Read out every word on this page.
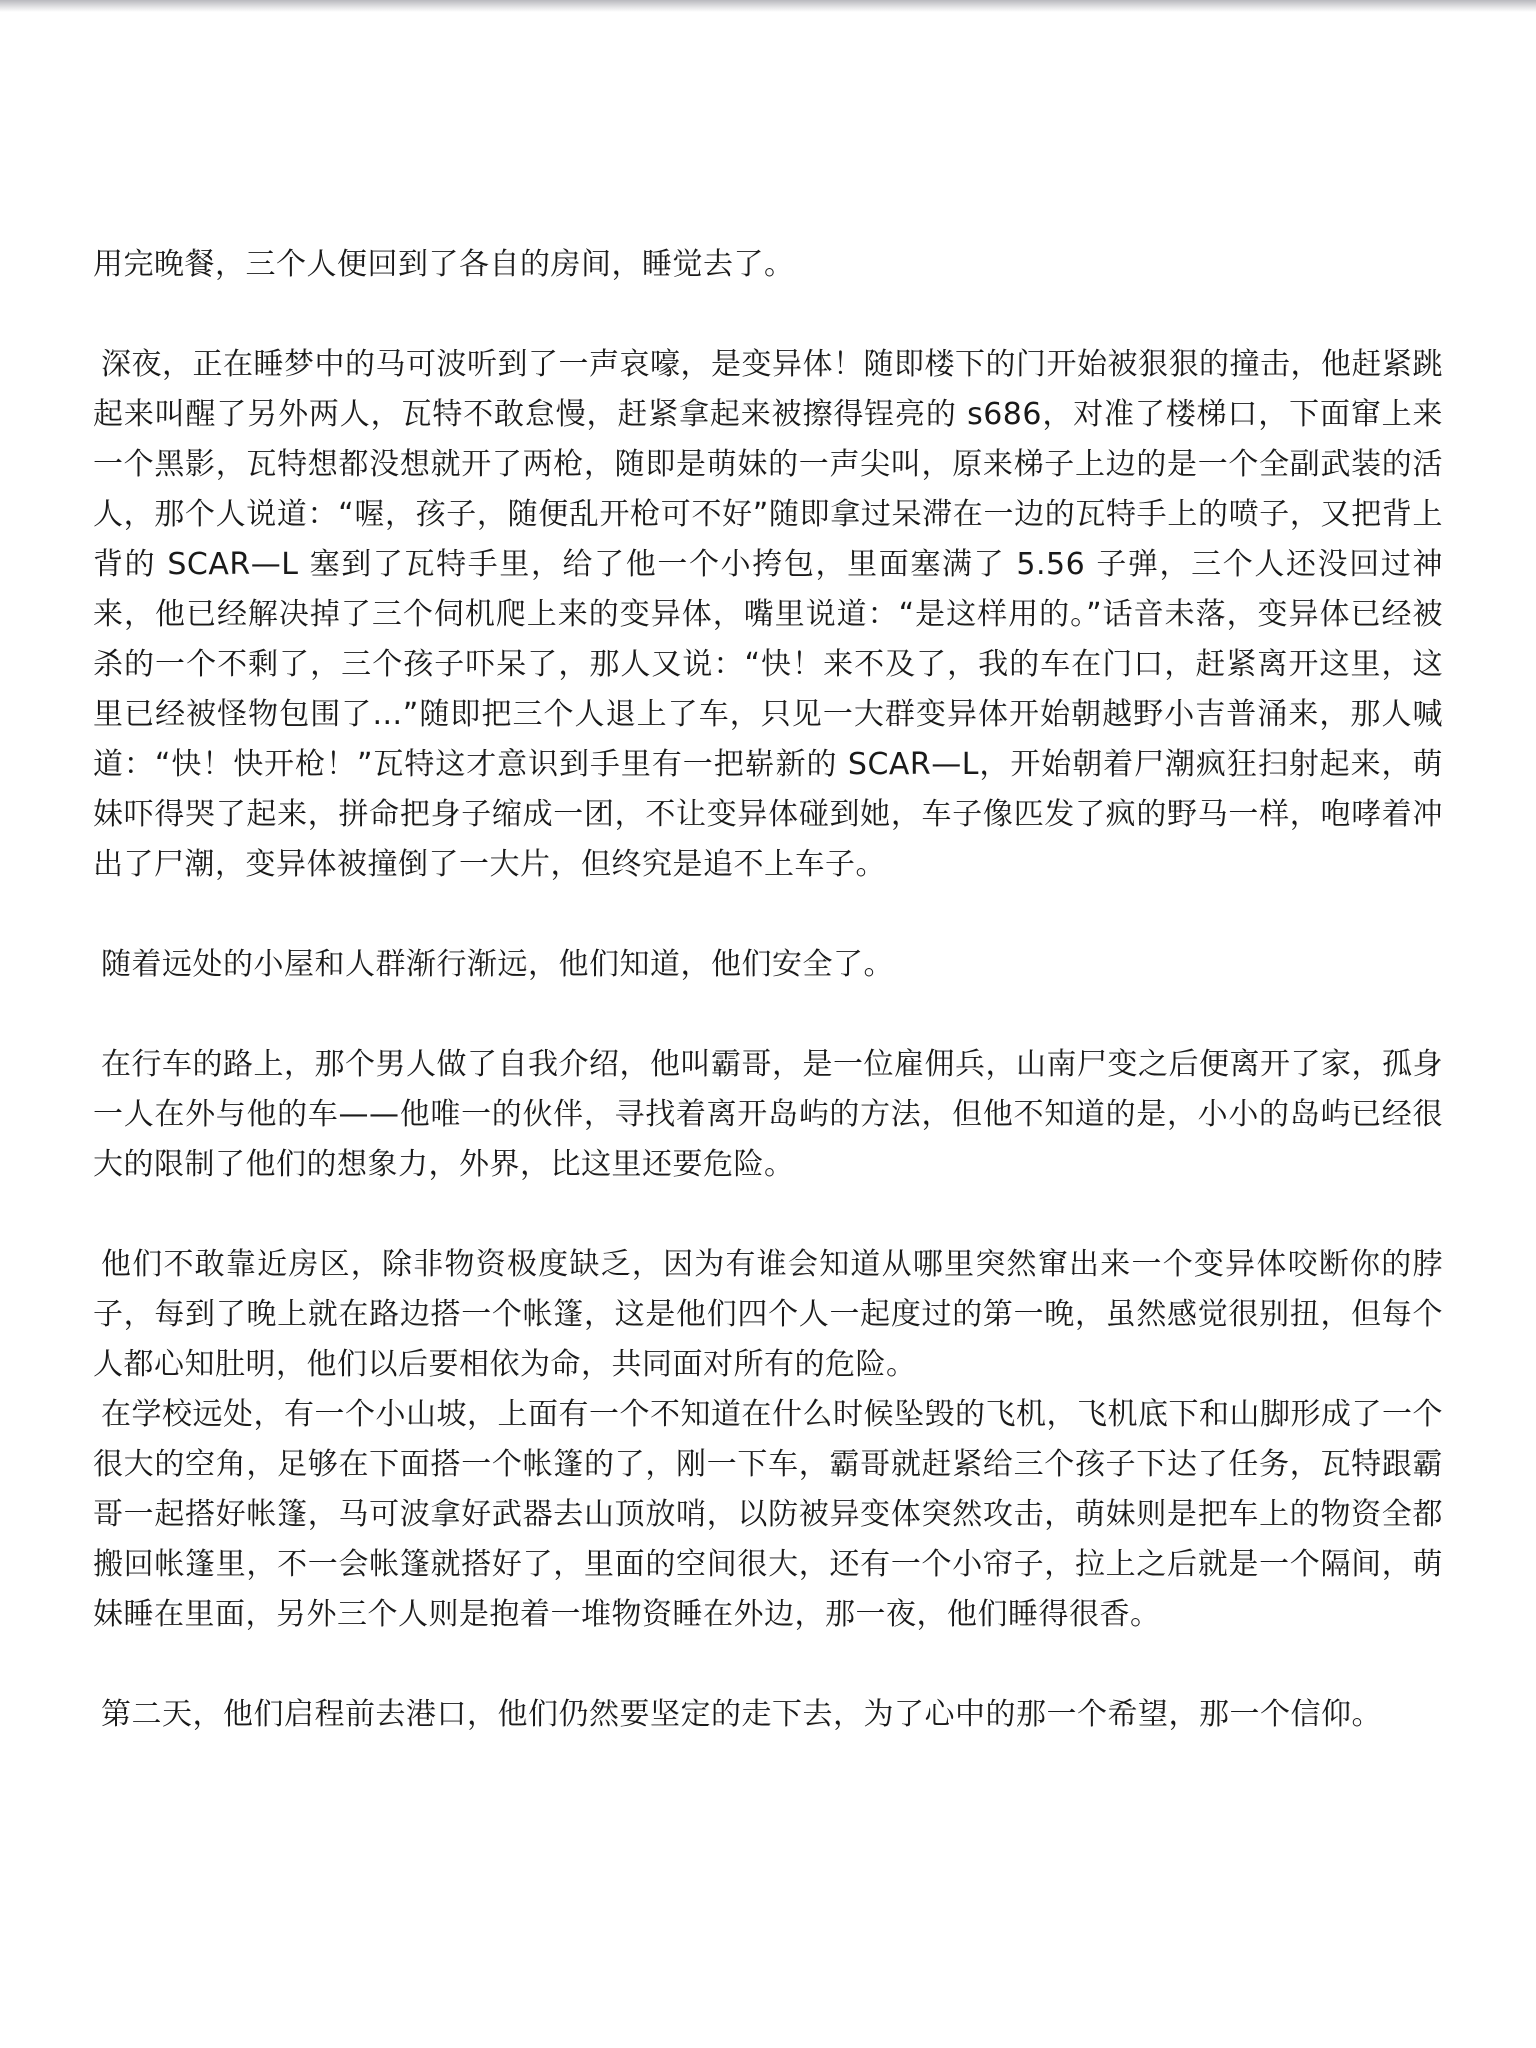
用完晚餐，三个人便回到了各自的房间，睡觉去了。

深夜，正在睡梦中的马可波听到了一声哀嚎，是变异体！随即楼下的门开始被狠狠的撞击，他赶紧跳起来叫醒了另外两人，瓦特不敢怠慢，赶紧拿起来被擦得锃亮的 s686，对准了楼梯口，下面窜上来一个黑影，瓦特想都没想就开了两枪，随即是萌妹的一声尖叫，原来梯子上边的是一个全副武装的活人，那个人说道：“喔，孩子，随便乱开枪可不好”随即拿过呆滞在一边的瓦特手上的喷子，又把背上背的 SCAR—L 塞到了瓦特手里，给了他一个小挎包，里面塞满了 5.56 子弹，三个人还没回过神来，他已经解决掉了三个伺机爬上来的变异体，嘴里说道：“是这样用的。”话音未落，变异体已经被杀的一个不剩了，三个孩子吓呆了，那人又说：“快！来不及了，我的车在门口，赶紧离开这里，这里已经被怪物包围了…”随即把三个人退上了车，只见一大群变异体开始朝越野小吉普涌来，那人喊道：“快！快开枪！”瓦特这才意识到手里有一把崭新的 SCAR—L，开始朝着尸潮疯狂扫射起来，萌妹吓得哭了起来，拼命把身子缩成一团，不让变异体碰到她，车子像匹发了疯的野马一样，咆哮着冲出了尸潮，变异体被撞倒了一大片，但终究是追不上车子。

随着远处的小屋和人群渐行渐远，他们知道，他们安全了。

在行车的路上，那个男人做了自我介绍，他叫霸哥，是一位雇佣兵，山南尸变之后便离开了家，孤身一人在外与他的车——他唯一的伙伴，寻找着离开岛屿的方法，但他不知道的是，小小的岛屿已经很大的限制了他们的想象力，外界，比这里还要危险。

他们不敢靠近房区，除非物资极度缺乏，因为有谁会知道从哪里突然窜出来一个变异体咬断你的脖子，每到了晚上就在路边搭一个帐篷，这是他们四个人一起度过的第一晚，虽然感觉很别扭，但每个人都心知肚明，他们以后要相依为命，共同面对所有的危险。

在学校远处，有一个小山坡，上面有一个不知道在什么时候坠毁的飞机，飞机底下和山脚形成了一个很大的空角，足够在下面搭一个帐篷的了，刚一下车，霸哥就赶紧给三个孩子下达了任务，瓦特跟霸哥一起搭好帐篷，马可波拿好武器去山顶放哨，以防被异变体突然攻击，萌妹则是把车上的物资全都搬回帐篷里，不一会帐篷就搭好了，里面的空间很大，还有一个小帘子，拉上之后就是一个隔间，萌妹睡在里面，另外三个人则是抱着一堆物资睡在外边，那一夜，他们睡得很香。

第二天，他们启程前去港口，他们仍然要坚定的走下去，为了心中的那一个希望，那一个信仰。
